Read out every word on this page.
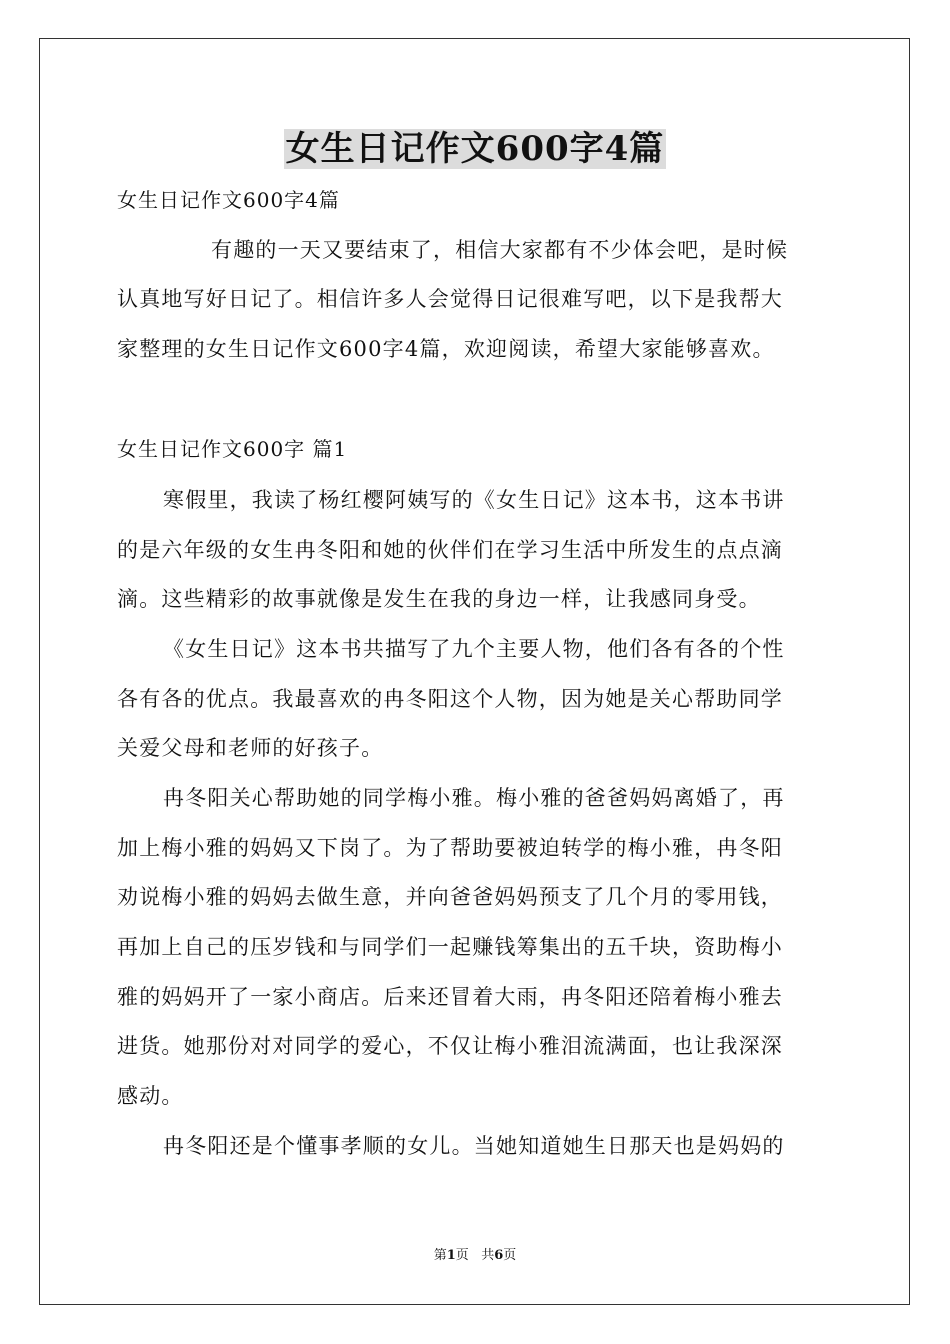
女生日记作文600字4篇
女生日记作文600字4篇
有趣的一天又要结束了，相信大家都有不少体会吧，是时候
认真地写好日记了。相信许多人会觉得日记很难写吧，以下是我帮大
家整理的女生日记作文600字4篇，欢迎阅读，希望大家能够喜欢。
女生日记作文600字 篇1
寒假里，我读了杨红樱阿姨写的《女生日记》这本书，这本书讲
的是六年级的女生冉冬阳和她的伙伴们在学习生活中所发生的点点滴
滴。这些精彩的故事就像是发生在我的身边一样，让我感同身受。
《女生日记》这本书共描写了九个主要人物，他们各有各的个性
各有各的优点。我最喜欢的冉冬阳这个人物，因为她是关心帮助同学
关爱父母和老师的好孩子。
冉冬阳关心帮助她的同学梅小雅。梅小雅的爸爸妈妈离婚了，再
加上梅小雅的妈妈又下岗了。为了帮助要被迫转学的梅小雅，冉冬阳
劝说梅小雅的妈妈去做生意，并向爸爸妈妈预支了几个月的零用钱，
再加上自己的压岁钱和与同学们一起赚钱筹集出的五千块，资助梅小
雅的妈妈开了一家小商店。后来还冒着大雨，冉冬阳还陪着梅小雅去
进货。她那份对对同学的爱心，不仅让梅小雅泪流满面，也让我深深
感动。
冉冬阳还是个懂事孝顺的女儿。当她知道她生日那天也是妈妈的
第1页 共6页
